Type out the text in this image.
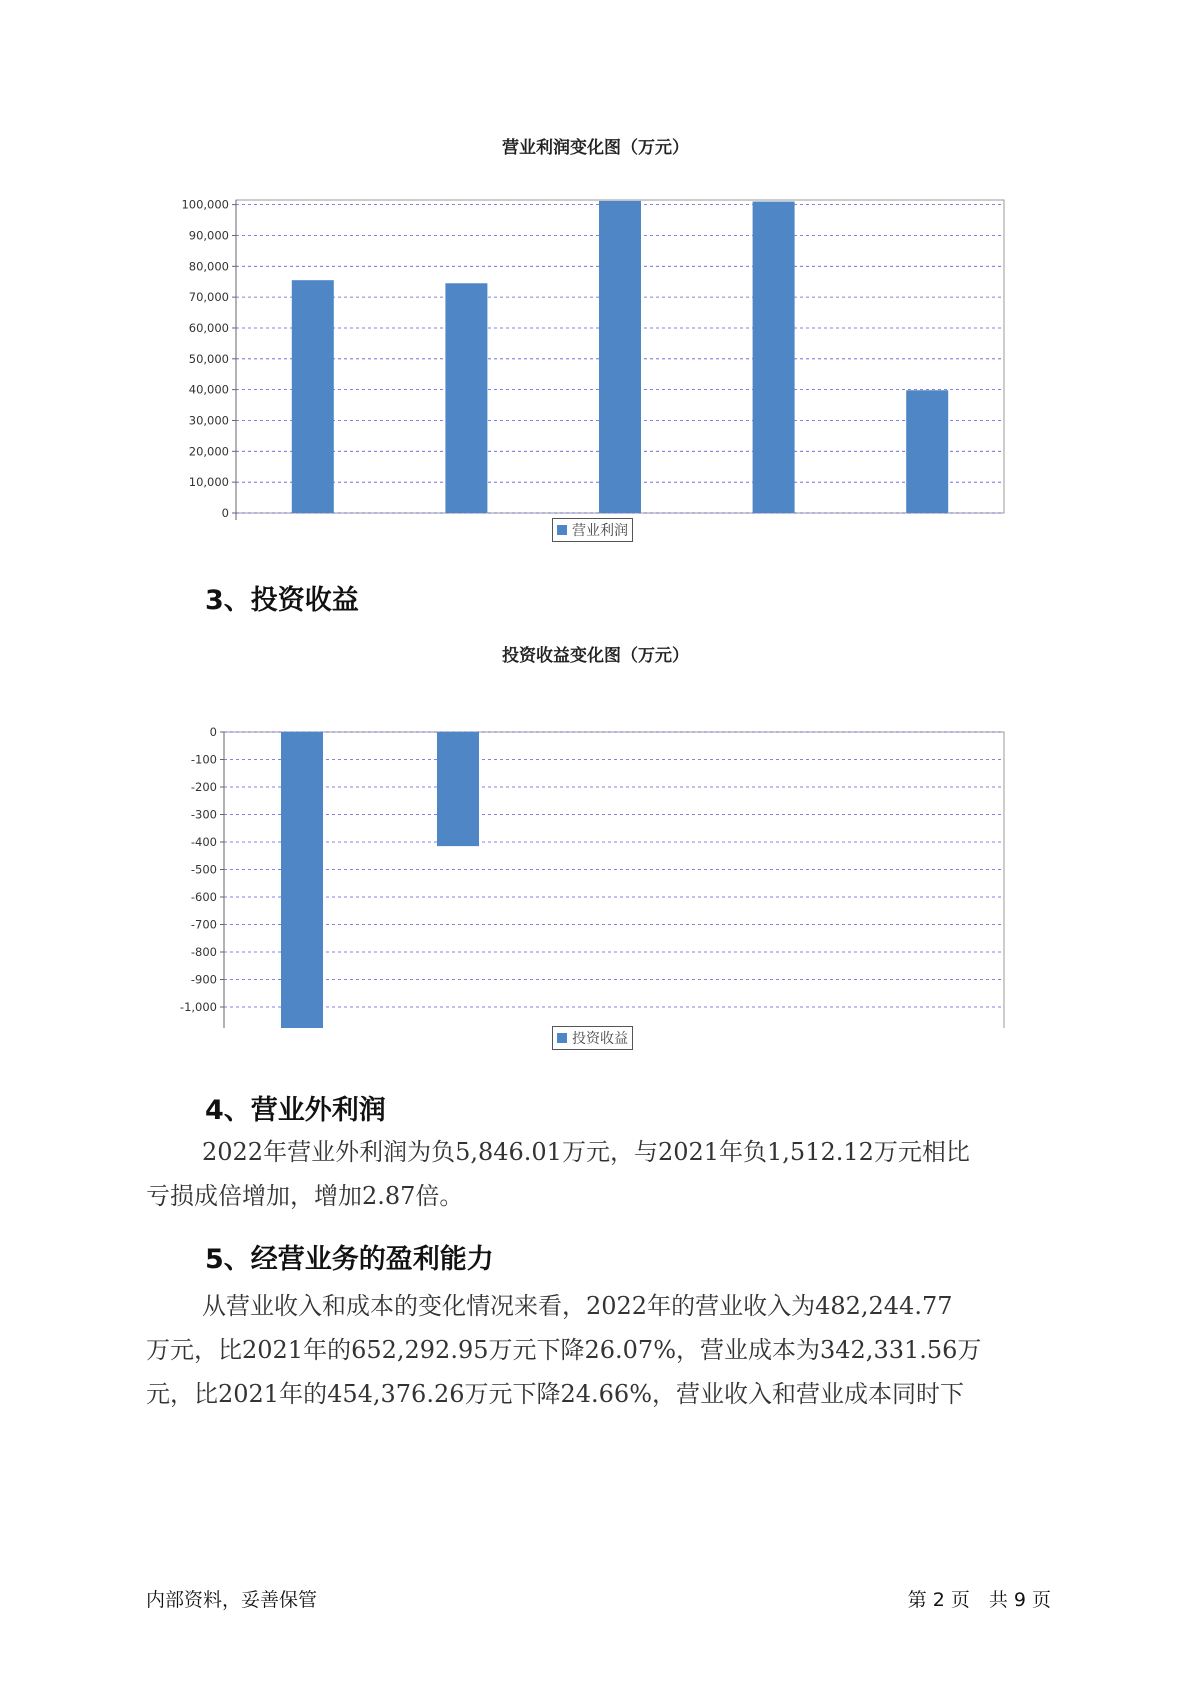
营业利润变化图（万元）
0
10,000
20,000
30,000
40,000
50,000
60,000
70,000
80,000
90,000
100,000
营业利润
3、投资收益
投资收益变化图（万元）
0
-100
-200
-300
-400
-500
-600
-700
-800
-900
-1,000
投资收益
4、营业外利润
2022年营业外利润为负5,846.01万元，与2021年负1,512.12万元相比
亏损成倍增加，增加2.87倍。
5、经营业务的盈利能力
从营业收入和成本的变化情况来看，2022年的营业收入为482,244.77
万元，比2021年的652,292.95万元下降26.07%，营业成本为342,331.56万
元，比2021年的454,376.26万元下降24.66%，营业收入和营业成本同时下
内部资料，妥善保管	第 2 页　共 9 页
